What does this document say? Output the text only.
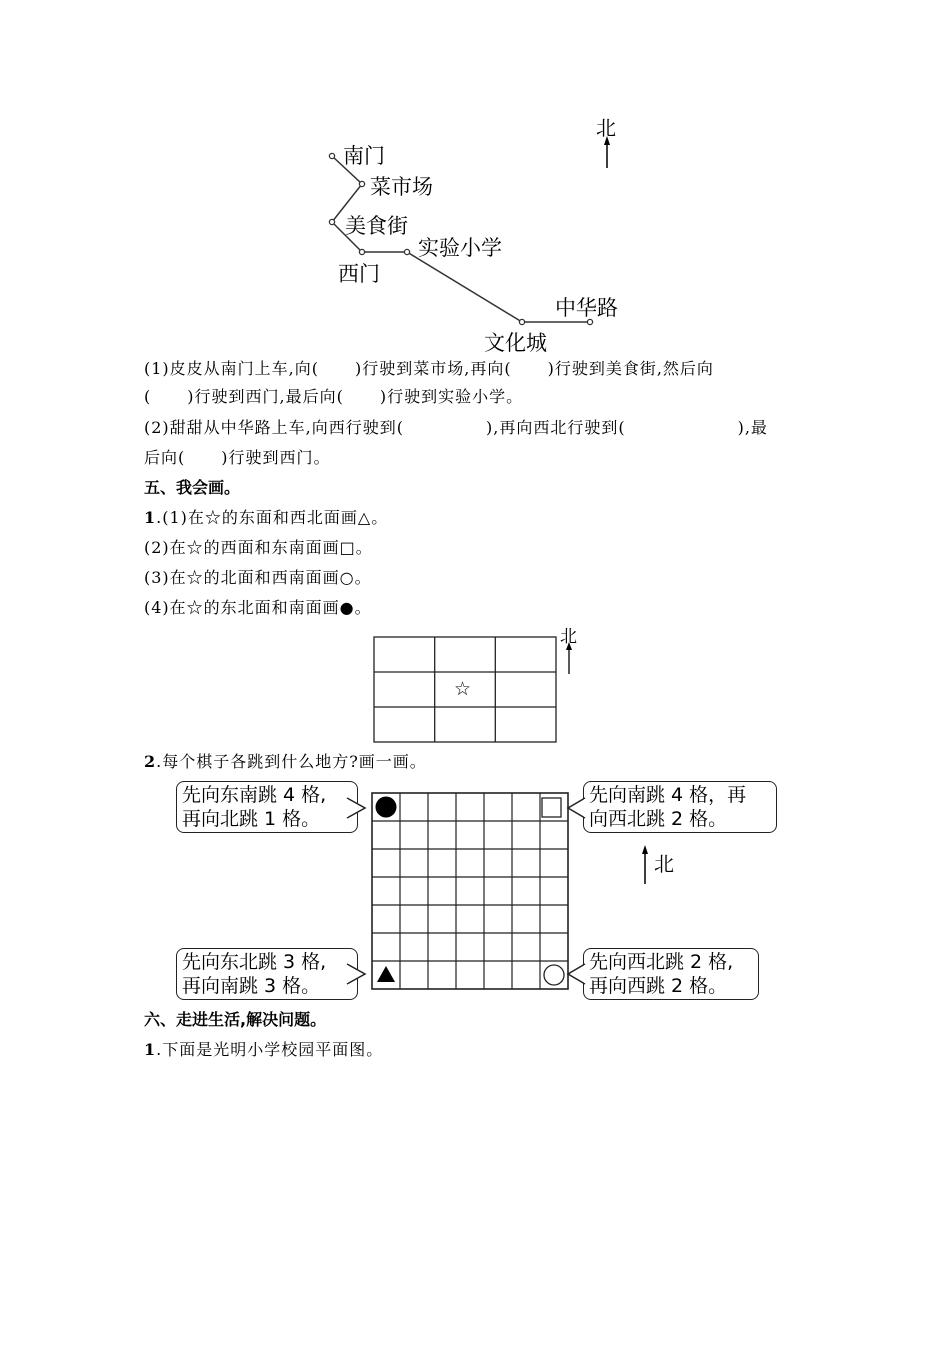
北
南门
菜市场
美食街
西门
实验小学
文化城
中华路
(1)皮皮从南门上车,向( )行驶到菜市场,再向( )行驶到美食街,然后向
( )行驶到西门,最后向( )行驶到实验小学。
(2)甜甜从中华路上车,向西行驶到(	),再向西北行驶到(	),最
后向( )行驶到西门。
五、我会画。
1.(1)在☆的东面和西北面画△。
(2)在☆的西面和东南面画□。
(3)在☆的北面和西南面画○。
(4)在☆的东北面和南面画●。
☆
北
2.每个棋子各跳到什么地方?画一画。
北
先向东南跳 4 格,
再向北跳 1 格。
先向南跳 4 格，再
向西北跳 2 格。
先向东北跳 3 格,
再向南跳 3 格。
先向西北跳 2 格,
再向西跳 2 格。
六、走进生活,解决问题。
1.下面是光明小学校园平面图。
